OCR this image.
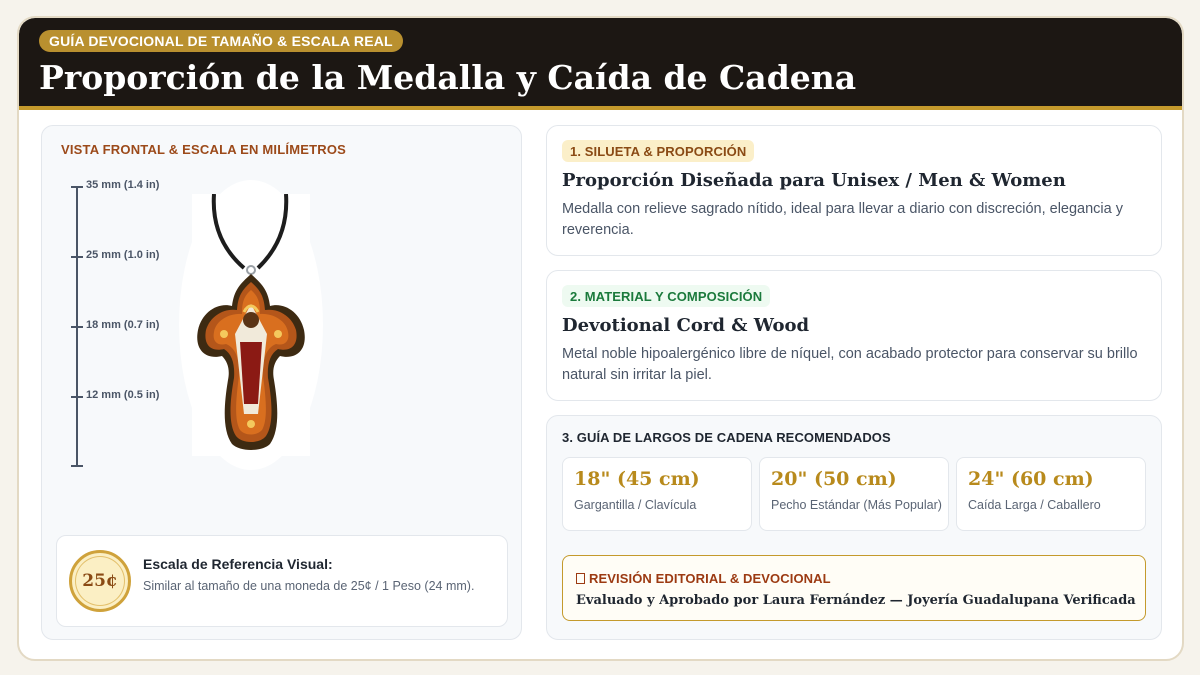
GUÍA DEVOCIONAL DE TAMAÑO & ESCALA REAL
Proporción de la Medalla y Caída de Cadena
VISTA FRONTAL & ESCALA EN MILÍMETROS
35 mm (1.4 in)
25 mm (1.0 in)
18 mm (0.7 in)
12 mm (0.5 in)
25¢
Escala de Referencia Visual:
Similar al tamaño de una moneda de 25¢ / 1 Peso (24 mm).
1. SILUETA & PROPORCIÓN
Proporción Diseñada para Unisex / Men & Women
Medalla con relieve sagrado nítido, ideal para llevar a diario con discreción, elegancia y reverencia.
2. MATERIAL Y COMPOSICIÓN
Devotional Cord & Wood
Metal noble hipoalergénico libre de níquel, con acabado protector para conservar su brillo natural sin irritar la piel.
3. GUÍA DE LARGOS DE CADENA RECOMENDADOS
18" (45 cm)
Gargantilla / Clavícula
20" (50 cm)
Pecho Estándar (Más Popular)
24" (60 cm)
Caída Larga / Caballero
REVISIÓN EDITORIAL & DEVOCIONAL
Evaluado y Aprobado por Laura Fernández — Joyería Guadalupana Verificada
